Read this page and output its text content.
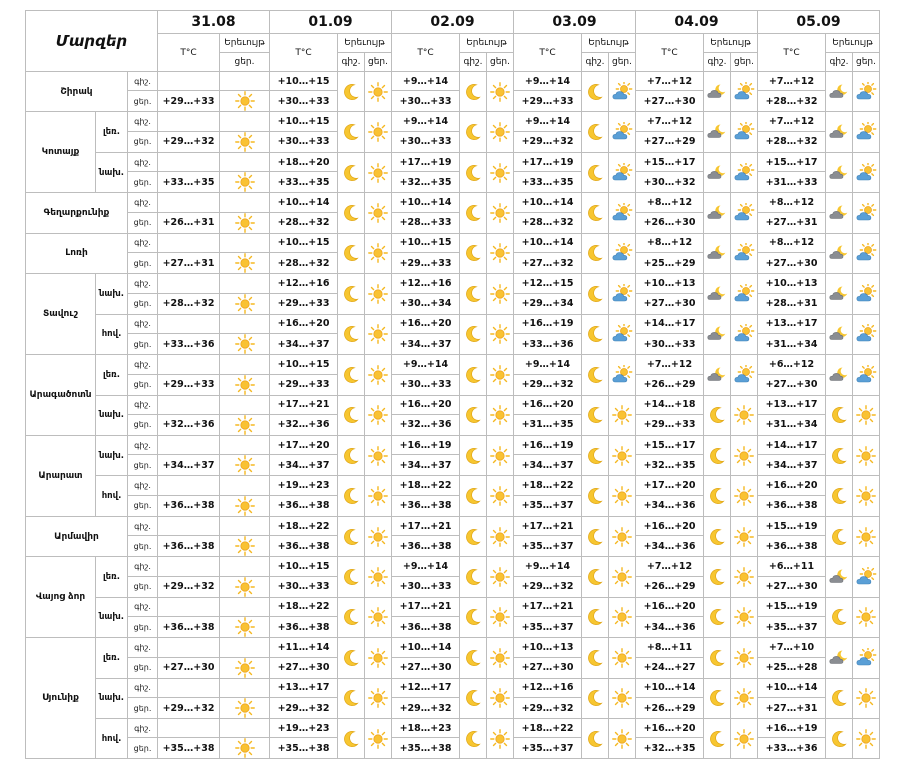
Մարզեր			31.08		01.09			02.09			03.09			04.09			05.09		
			T°C	Երեւույթ	T°C	Երեւույթ		T°C	Երեւույթ		T°C	Երեւույթ		T°C	Երեւույթ		T°C	Երեւույթ	
				ցեր.		գիշ.	ցեր.		գիշ.	ցեր.		գիշ.	ցեր.		գիշ.	ցեր.		գիշ.	ցեր.
Շիրակ		գիշ.			+10…+15			+9…+14			+9…+14			+7…+12			+7…+12	

		ցեր.	+29…+33		+30…+33			+30…+33			+29…+33			+27…+30			+28…+32		
Կոտայք	լեռ.	գիշ.			+10…+15			+9…+14			+9…+14			+7…+12			+7…+12	

		ցեր.	+29…+32		+30…+33			+30…+33			+29…+32			+27…+29			+28…+32		
	նախ.	գիշ.			+18…+20			+17…+19			+17…+19			+15…+17			+15…+17	

		ցեր.	+33…+35		+33…+35			+32…+35			+33…+35			+30…+32			+31…+33		
Գեղարքունիք		գիշ.			+10…+14			+10…+14			+10…+14			+8…+12			+8…+12	

		ցեր.	+26…+31		+28…+32			+28…+33			+28…+32			+26…+30			+27…+31		
Լոռի		գիշ.			+10…+15			+10…+15			+10…+14			+8…+12			+8…+12	

		ցեր.	+27…+31		+28…+32			+29…+33			+27…+32			+25…+29			+27…+30		
Տավուշ	նախ.	գիշ.			+12…+16			+12…+16			+12…+15			+10…+13			+10…+13	

		ցեր.	+28…+32		+29…+33			+30…+34			+29…+34			+27…+30			+28…+31		
	հով.	գիշ.			+16…+20			+16…+20			+16…+19			+14…+17			+13…+17	

		ցեր.	+33…+36		+34…+37			+34…+37			+33…+36			+30…+33			+31…+34		
Արագածոտն	լեռ.	գիշ.			+10…+15			+9…+14			+9…+14			+7…+12			+6…+12	

		ցեր.	+29…+33		+29…+33			+30…+33			+29…+32			+26…+29			+27…+30		
	նախ.	գիշ.			+17…+21			+16…+20			+16…+20			+14…+18			+13…+17	

		ցեր.	+32…+36		+32…+36			+32…+36			+31…+35			+29…+33			+31…+34		
Արարատ	նախ.	գիշ.			+17…+20			+16…+19			+16…+19			+15…+17			+14…+17	

		ցեր.	+34…+37		+34…+37			+34…+37			+34…+37			+32…+35			+34…+37		
	հով.	գիշ.			+19…+23			+18…+22			+18…+22			+17…+20			+16…+20	

		ցեր.	+36…+38		+36…+38			+36…+38			+35…+37			+34…+36			+36…+38		
Արմավիր		գիշ.			+18…+22			+17…+21			+17…+21			+16…+20			+15…+19	

		ցեր.	+36…+38		+36…+38			+36…+38			+35…+37			+34…+36			+36…+38		
Վայոց ձոր	լեռ.	գիշ.			+10…+15			+9…+14			+9…+14			+7…+12			+6…+11	

		ցեր.	+29…+32		+30…+33			+30…+33			+29…+32			+26…+29			+27…+30		
	նախ.	գիշ.			+18…+22			+17…+21			+17…+21			+16…+20			+15…+19	

		ցեր.	+36…+38		+36…+38			+36…+38			+35…+37			+34…+36			+35…+37		
Սյունիք	լեռ.	գիշ.			+11…+14			+10…+14			+10…+13			+8…+11			+7…+10	

		ցեր.	+27…+30		+27…+30			+27…+30			+27…+30			+24…+27			+25…+28		
	նախ.	գիշ.			+13…+17			+12…+17			+12…+16			+10…+14			+10…+14	

		ցեր.	+29…+32		+29…+32			+29…+32			+29…+32			+26…+29			+27…+31		
	հով.	գիշ.			+19…+23			+18…+23			+18…+22			+16…+20			+16…+19	

		ցեր.	+35…+38		+35…+38			+35…+38			+35…+37			+32…+35			+33…+36		
